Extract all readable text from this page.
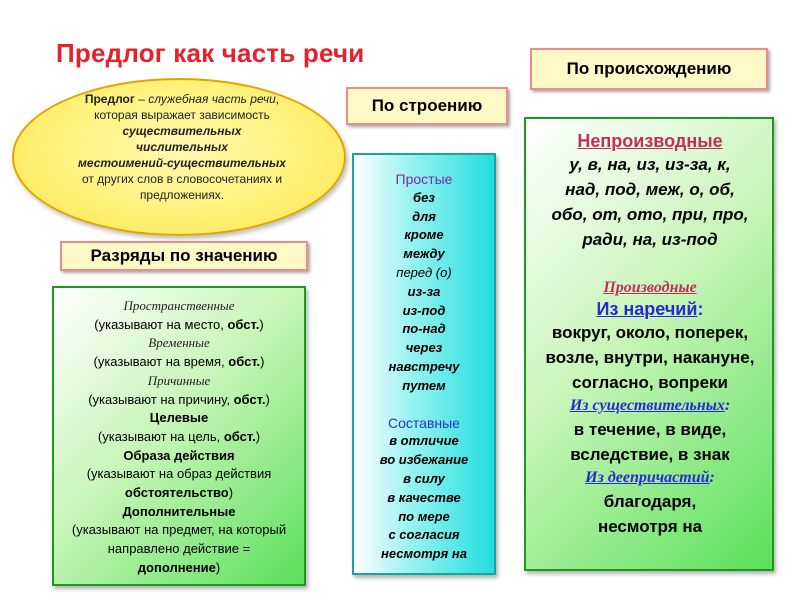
Предлог как часть речи
Предлог – служебная часть речи,
которая выражает зависимость
существительных
числительных
местоимений-существительных
от других слов в словосочетаниях и предложениях.
По строению
По происхождению
Разряды по значению
Пространственные
(указывают на место, обст.)
Временные
(указывают на время, обст.)
Причинные
(указывают на причину, обст.)
Целевые
(указывают на цель, обст.)
Образа действия
(указывают на образ действия
обстоятельство)
Дополнительные
(указывают на предмет, на который направлено действие = дополнение)
Простые
без
для
кроме
между
перед (о)
из-за
из-под
по-над
через
навстречу
путем
Составные
в отличие
во избежание
в силу
в качестве
по мере
с согласия
несмотря на
Непроизводные
у, в, на, из, из-за, к,
над, под, меж, о, об,
обо, от, ото, при, про,
ради, на, из-под
Производные
Из наречий:
вокруг, около, поперек,
возле, внутри, накануне,
согласно, вопреки
Из существительных:
в течение, в виде,
вследствие, в знак
Из деепричастий:
благодаря,
несмотря на
